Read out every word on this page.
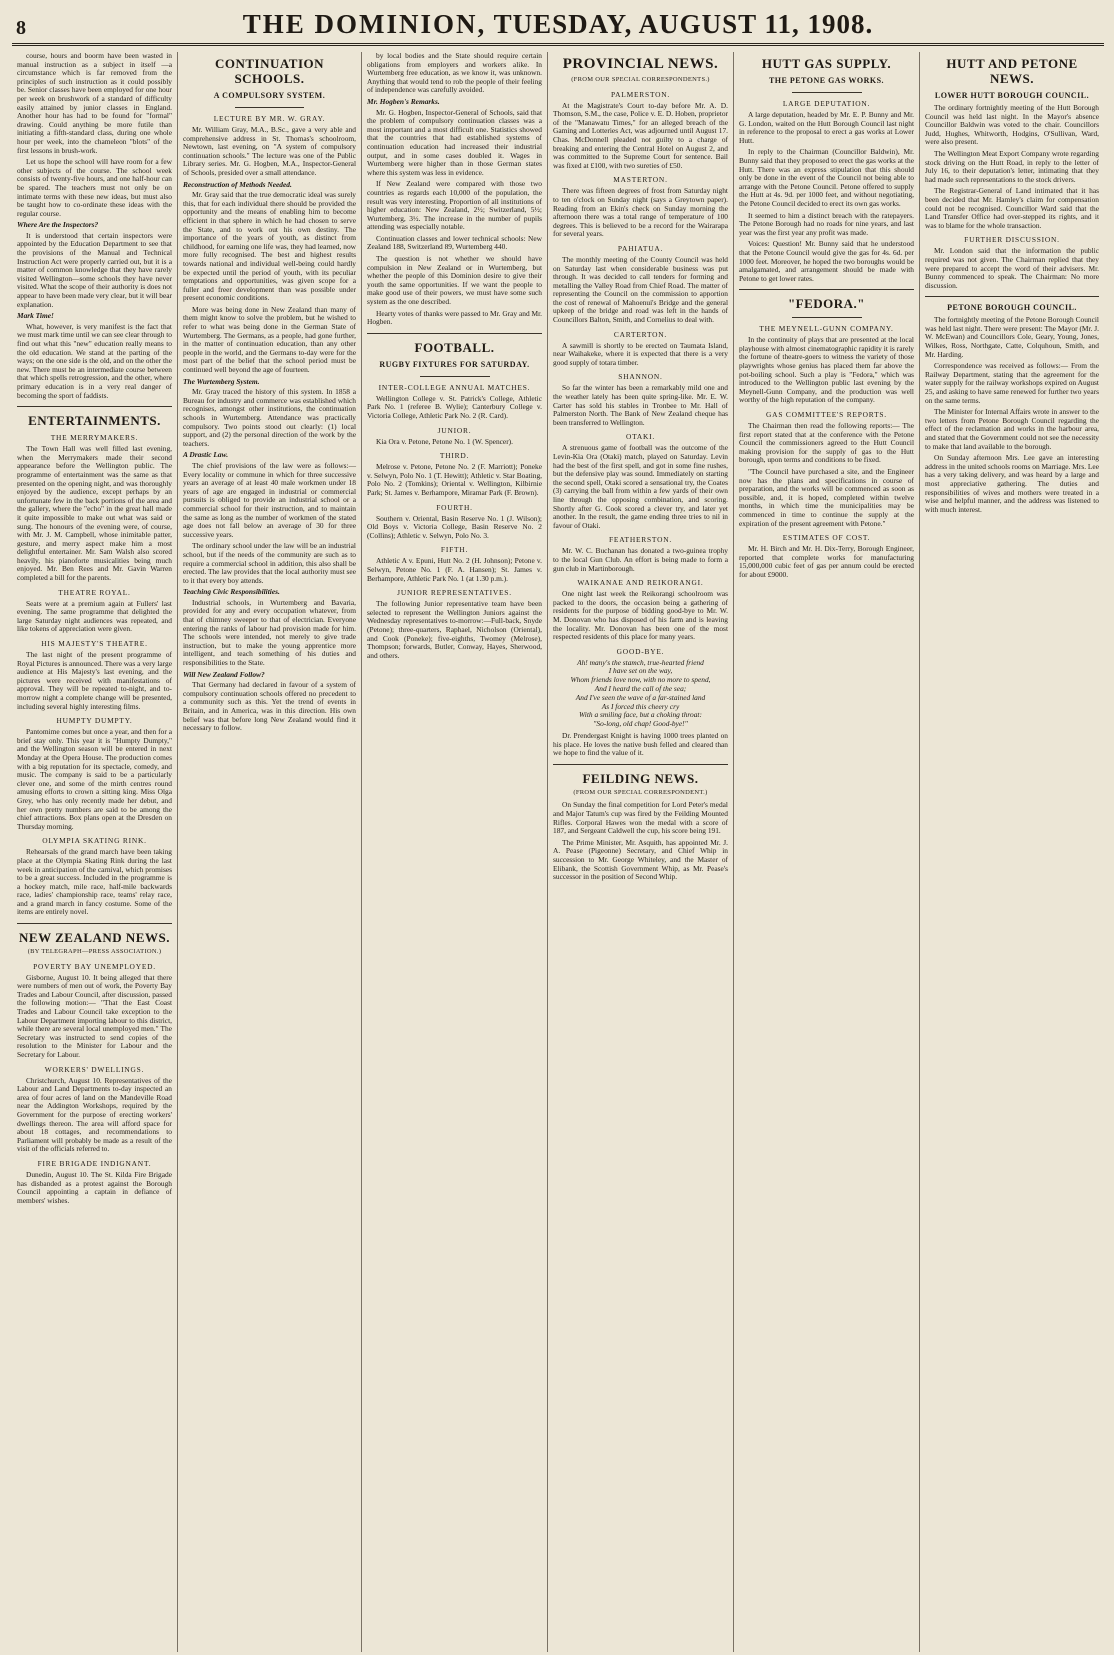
8	THE DOMINION, TUESDAY, AUGUST 11, 1908.

course, hours and boorm have been wasted in manual instruction as a subject in itself —a circumstance which is far removed from the principles of such instruction as it could possibly be. Senior classes have been employed for one hour per week on brushwork of a standard of difficulty easily attained by junior classes in England. Another hour has had to be found for "formal" drawing. Could anything be more futile than initiating a fifth-standard class, during one whole hour per week, into the chameleon "blots" of the first lessons in brush-work.

Let us hope the school will have room for a few other subjects of the course. The school week consists of twenty-five hours, and one half-hour can be spared. The teachers must not only be on intimate terms with these new ideas, but must also be taught how to co-ordinate these ideas with the regular course.

Where Are the Inspectors?

It is understood that certain inspectors were appointed by the Education Department to see that the provisions of the Manual and Technical Instruction Act were properly carried out, but it is a matter of common knowledge that they have rarely visited Wellington—some schools they have never visited. What the scope of their authority is does not appear to have been made very clear, but it will bear explanation.

Mark Time!

What, however, is very manifest is the fact that we must mark time until we can see clear through to find out what this "new" education really means to the old education. We stand at the parting of the ways; on the one side is the old, and on the other the new. There must be an intermediate course between that which spells retrogression, and the other, where primary education is in a very real danger of becoming the sport of faddists.

ENTERTAINMENTS.
THE MERRYMAKERS.

The Town Hall was well filled last evening, when the Merrymakers made their second appearance before the Wellington public. The programme of entertainment was the same as that presented on the opening night, and was thoroughly enjoyed by the audience, except perhaps by an unfortunate few in the back portions of the area and the gallery, where the "echo" in the great hall made it quite impossible to make out what was said or sung. The honours of the evening were, of course, with Mr. J. M. Campbell, whose inimitable patter, gesture, and merry aspect make him a most delightful entertainer. Mr. Sam Walsh also scored heavily, his pianoforte musicalities being much enjoyed. Mr. Ben Rees and Mr. Gavin Warren completed a bill for the parents.

THEATRE ROYAL.

Seats were at a premium again at Fullers' last evening. The same programme that delighted the large Saturday night audiences was repeated, and like tokens of appreciation were given.

HIS MAJESTY'S THEATRE.

The last night of the present programme of Royal Pictures is announced. There was a very large audience at His Majesty's last evening, and the pictures were received with manifestations of approval. They will be repeated to-night, and to-morrow night a complete change will be presented, including several highly interesting films.

HUMPTY DUMPTY.

Pantomime comes but once a year, and then for a brief stay only. This year it is "Humpty Dumpty," and the Wellington season will be entered in next Monday at the Opera House. The production comes with a big reputation for its spectacle, comedy, and music. The company is said to be a particularly clever one, and some of the mirth centres round amusing efforts to crown a sitting king. Miss Olga Grey, who has only recently made her debut, and her own pretty numbers are said to be among the chief attractions. Box plans open at the Dresden on Thursday morning.

OLYMPIA SKATING RINK.

Rehearsals of the grand march have been taking place at the Olympia Skating Rink during the last week in anticipation of the carnival, which promises to be a great success. Included in the programme is a hockey match, mile race, half-mile backwards race, ladies' championship race, teams' relay race, and a grand march in fancy costume. Some of the items are entirely novel.

NEW ZEALAND NEWS.
(BY TELEGRAPH—PRESS ASSOCIATION.)
POVERTY BAY UNEMPLOYED.

Gisborne, August 10. It being alleged that there were numbers of men out of work, the Poverty Bay Trades and Labour Council, after discussion, passed the following motion:— "That the East Coast Trades and Labour Council take exception to the Labour Department importing labour to this district, while there are several local unemployed men." The Secretary was instructed to send copies of the resolution to the Minister for Labour and the Secretary for Labour.

WORKERS' DWELLINGS.

Christchurch, August 10. Representatives of the Labour and Land Departments to-day inspected an area of four acres of land on the Mandeville Road near the Addington Workshops, required by the Government for the purpose of erecting workers' dwellings thereon. The area will afford space for about 18 cottages, and recommendations to Parliament will probably be made as a result of the visit of the officials referred to.

FIRE BRIGADE INDIGNANT.

Dunedin, August 10. The St. Kilda Fire Brigade has disbanded as a protest against the Borough Council appointing a captain in defiance of members' wishes.

CONTINUATION SCHOOLS.
A COMPULSORY SYSTEM.
LECTURE BY MR. W. GRAY.

Mr. William Gray, M.A., B.Sc., gave a very able and comprehensive address in St. Thomas's schoolroom, Newtown, last evening, on "A system of compulsory continuation schools." The lecture was one of the Public Library series. Mr. G. Hogben, M.A., Inspector-General of Schools, presided over a small attendance.

Reconstruction of Methods Needed.

Mr. Gray said that the true democratic ideal was surely this, that for each individual there should be provided the opportunity and the means of enabling him to become efficient in that sphere in which he had chosen to serve the State, and to work out his own destiny. The importance of the years of youth, as distinct from childhood, for earning one life was, they had learned, now more fully recognised. The best and highest results towards national and individual well-being could hardly be expected until the period of youth, with its peculiar temptations and opportunities, was given scope for a fuller and freer development than was possible under present economic conditions.

More was being done in New Zealand than many of them might know to solve the problem, but he wished to refer to what was being done in the German State of Wurtemberg. The Germans, as a people, had gone further, in the matter of continuation education, than any other people in the world, and the Germans to-day were for the most part of the belief that the school period must be continued well beyond the age of fourteen.

The Wurtemberg System.

Mr. Gray traced the history of this system. In 1858 a Bureau for industry and commerce was established which recognises, amongst other institutions, the continuation schools in Wurtemberg. Attendance was practically compulsory. Two points stood out clearly: (1) local support, and (2) the personal direction of the work by the teachers.

A Drastic Law.

The chief provisions of the law were as follows:—Every locality or commune in which for three successive years an average of at least 40 male workmen under 18 years of age are engaged in industrial or commercial pursuits is obliged to provide an industrial school or a commercial school for their instruction, and to maintain the same as long as the number of workmen of the stated age does not fall below an average of 30 for three successive years.

The ordinary school under the law will be an industrial school, but if the needs of the community are such as to require a commercial school in addition, this also shall be erected. The law provides that the local authority must see to it that every boy attends.

Teaching Civic Responsibilities.

Industrial schools, in Wurtemberg and Bavaria, provided for any and every occupation whatever, from that of chimney sweeper to that of electrician. Everyone entering the ranks of labour had provision made for him. The schools were intended, not merely to give trade instruction, but to make the young apprentice more intelligent, and teach something of his duties and responsibilities to the State.

Will New Zealand Follow?

That Germany had declared in favour of a system of compulsory continuation schools offered no precedent to a community such as this. Yet the trend of events in Britain, and in America, was in this direction. His own belief was that before long New Zealand would find it necessary to follow.

by local bodies and the State should require certain obligations from employers and workers alike. In Wurtemberg free education, as we know it, was unknown. Anything that would tend to rob the people of their feeling of independence was carefully avoided.

Mr. Hogben's Remarks.

Mr. G. Hogben, Inspector-General of Schools, said that the problem of compulsory continuation classes was a most important and a most difficult one. Statistics showed that the countries that had established systems of continuation education had increased their industrial output, and in some cases doubled it. Wages in Wurtemberg were higher than in those German states where this system was less in evidence.

If New Zealand were compared with those two countries as regards each 10,000 of the population, the result was very interesting. Proportion of all institutions of higher education: New Zealand, 2½; Switzerland, 5½; Wurtemberg, 3½. The increase in the number of pupils attending was especially notable.

Continuation classes and lower technical schools: New Zealand 188, Switzerland 89, Wurtemberg 440.

The question is not whether we should have compulsion in New Zealand or in Wurtemberg, but whether the people of this Dominion desire to give their youth the same opportunities. If we want the people to make good use of their powers, we must have some such system as the one described.

Hearty votes of thanks were passed to Mr. Gray and Mr. Hogben.

FOOTBALL.
RUGBY FIXTURES FOR SATURDAY.
INTER-COLLEGE ANNUAL MATCHES.

Wellington College v. St. Patrick's College, Athletic Park No. 1 (referee B. Wylie); Canterbury College v. Victoria College, Athletic Park No. 2 (R. Card).

JUNIOR.

Kia Ora v. Petone, Petone No. 1 (W. Spencer).

THIRD.

Melrose v. Petone, Petone No. 2 (F. Marriott); Poneke v. Selwyn, Polo No. 1 (T. Hewitt); Athletic v. Star Boating, Polo No. 2 (Tomkins); Oriental v. Wellington, Kilbirnie Park; St. James v. Berhampore, Miramar Park (F. Brown).

FOURTH.

Southern v. Oriental, Basin Reserve No. 1 (J. Wilson); Old Boys v. Victoria College, Basin Reserve No. 2 (Collins); Athletic v. Selwyn, Polo No. 3.

FIFTH.

Athletic A v. Epuni, Hutt No. 2 (H. Johnson); Petone v. Selwyn, Petone No. 1 (F. A. Hansen); St. James v. Berhampore, Athletic Park No. 1 (at 1.30 p.m.).

JUNIOR REPRESENTATIVES.

The following Junior representative team have been selected to represent the Wellington Juniors against the Wednesday representatives to-morrow:—Full-back, Snyde (Petone); three-quarters, Raphael, Nicholson (Oriental), and Cook (Poneke); five-eighths, Twomey (Melrose), Thompson; forwards, Butler, Conway, Hayes, Sherwood, and others.

PROVINCIAL NEWS.
(FROM OUR SPECIAL CORRESPONDENTS.)
PALMERSTON.

At the Magistrate's Court to-day before Mr. A. D. Thomson, S.M., the case, Police v. E. D. Hoben, proprietor of the "Manawatu Times," for an alleged breach of the Gaming and Lotteries Act, was adjourned until August 17. Chas. McDonnell pleaded not guilty to a charge of breaking and entering the Central Hotel on August 2, and was committed to the Supreme Court for sentence. Bail was fixed at £100, with two sureties of £50.

MASTERTON.

There was fifteen degrees of frost from Saturday night to ten o'clock on Sunday night (says a Greytown paper). Reading from an Ekin's check on Sunday morning the afternoon there was a total range of temperature of 100 degrees. This is believed to be a record for the Wairarapa for several years.

PAHIATUA.

The monthly meeting of the County Council was held on Saturday last when considerable business was put through. It was decided to call tenders for forming and metalling the Valley Road from Chief Road. The matter of representing the Council on the commission to apportion the cost of renewal of Mahoenui's Bridge and the general upkeep of the bridge and road was left in the hands of Councillors Balton, Smith, and Cornelius to deal with.

CARTERTON.

A sawmill is shortly to be erected on Taumata Island, near Waihakeke, where it is expected that there is a very good supply of totara timber.

SHANNON.

So far the winter has been a remarkably mild one and the weather lately has been quite spring-like. Mr. E. W. Carter has sold his stables in Tronbee to Mr. Hall of Palmerston North. The Bank of New Zealand cheque has been transferred to Wellington.

OTAKI.

A strenuous game of football was the outcome of the Levin-Kia Ora (Otaki) match, played on Saturday. Levin had the best of the first spell, and got in some fine rushes, but the defensive play was sound. Immediately on starting the second spell, Otaki scored a sensational try, the Coates (3) carrying the ball from within a few yards of their own line through the opposing combination, and scoring. Shortly after G. Cook scored a clever try, and later yet another. In the result, the game ending three tries to nil in favour of Otaki.

FEATHERSTON.

Mr. W. C. Buchanan has donated a two-guinea trophy to the local Gun Club. An effort is being made to form a gun club in Martinborough.

WAIKANAE AND REIKORANGI.

One night last week the Reikorangi schoolroom was packed to the doors, the occasion being a gathering of residents for the purpose of bidding good-bye to Mr. W. M. Donovan who has disposed of his farm and is leaving the locality. Mr. Donovan has been one of the most respected residents of this place for many years.

GOOD-BYE.
Ah! many's the stamch, true-hearted friend
I have set on the way,
Whom friends love now, with no more to spend,
And I heard the call of the sea;
And I've seen the wave of a far-stained land
As I forced this cheery cry
With a smiling face, but a choking throat:
"So-long, old chap! Good-bye!"

Dr. Prendergast Knight is having 1000 trees planted on his place. He loves the native bush felled and cleared than we hope to find the value of it.

FEILDING NEWS.
(FROM OUR SPECIAL CORRESPONDENT.)

On Sunday the final competition for Lord Peter's medal and Major Tatum's cup was fired by the Feilding Mounted Rifles. Corporal Hawes won the medal with a score of 187, and Sergeant Caldwell the cup, his score being 191.

The Prime Minister, Mr. Asquith, has appointed Mr. J. A. Pease (Pigeonne) Secretary, and Chief Whip in succession to Mr. George Whiteley, and the Master of Elibank, the Scottish Government Whip, as Mr. Pease's successor in the position of Second Whip.

HUTT GAS SUPPLY.
THE PETONE GAS WORKS.
LARGE DEPUTATION.

A large deputation, headed by Mr. E. P. Bunny and Mr. G. London, waited on the Hutt Borough Council last night in reference to the proposal to erect a gas works at Lower Hutt.

In reply to the Chairman (Councillor Baldwin), Mr. Bunny said that they proposed to erect the gas works at the Hutt. There was an express stipulation that this should only be done in the event of the Council not being able to arrange with the Petone Council. Petone offered to supply the Hutt at 4s. 9d. per 1000 feet, and without negotiating, the Petone Council decided to erect its own gas works.

It seemed to him a distinct breach with the ratepayers. The Petone Borough had no roads for nine years, and last year was the first year any profit was made.

Voices: Question! Mr. Bunny said that he understood that the Petone Council would give the gas for 4s. 6d. per 1000 feet. Moreover, he hoped the two boroughs would be amalgamated, and arrangement should be made with Petone to get lower rates.

"FEDORA."
THE MEYNELL-GUNN COMPANY.

In the continuity of plays that are presented at the local playhouse with almost cinematographic rapidity it is rarely the fortune of theatre-goers to witness the variety of those playwrights whose genius has placed them far above the pot-boiling school. Such a play is "Fedora," which was introduced to the Wellington public last evening by the Meynell-Gunn Company, and the production was well worthy of the high reputation of the company.

GAS COMMITTEE'S REPORTS.

The Chairman then read the following reports:— The first report stated that at the conference with the Petone Council the commissioners agreed to the Hutt Council making provision for the supply of gas to the Hutt borough, upon terms and conditions to be fixed.

"The Council have purchased a site, and the Engineer now has the plans and specifications in course of preparation, and the works will be commenced as soon as possible, and, it is hoped, completed within twelve months, in which time the municipalities may be commenced in time to continue the supply at the expiration of the present agreement with Petone."

ESTIMATES OF COST.

Mr. H. Birch and Mr. H. Dix-Terry, Borough Engineer, reported that complete works for manufacturing 15,000,000 cubic feet of gas per annum could be erected for about £9000.

HUTT AND PETONE NEWS.
LOWER HUTT BOROUGH COUNCIL.

The ordinary fortnightly meeting of the Hutt Borough Council was held last night. In the Mayor's absence Councillor Baldwin was voted to the chair. Councillors Judd, Hughes, Whitworth, Hodgins, O'Sullivan, Ward, were also present.

The Wellington Meat Export Company wrote regarding stock driving on the Hutt Road, in reply to the letter of July 16, to their deputation's letter, intimating that they had made such representations to the stock drivers.

The Registrar-General of Land intimated that it has been decided that Mr. Hamley's claim for compensation could not be recognised. Councillor Ward said that the Land Transfer Office had over-stepped its rights, and it was to blame for the whole transaction.

FURTHER DISCUSSION.

Mr. London said that the information the public required was not given. The Chairman replied that they were prepared to accept the word of their advisers. Mr. Bunny commenced to speak. The Chairman: No more discussion.

PETONE BOROUGH COUNCIL.

The fortnightly meeting of the Petone Borough Council was held last night. There were present: The Mayor (Mr. J. W. McEwan) and Councillors Cole, Geary, Young, Jones, Wilkes, Ross, Northgate, Catte, Colquhoun, Smith, and Mr. Harding.

Correspondence was received as follows:— From the Railway Department, stating that the agreement for the water supply for the railway workshops expired on August 25, and asking to have same renewed for further two years on the same terms.

The Minister for Internal Affairs wrote in answer to the two letters from Petone Borough Council regarding the effect of the reclamation and works in the harbour area, and stated that the Government could not see the necessity to make that land available to the borough.

On Sunday afternoon Mrs. Lee gave an interesting address in the united schools rooms on Marriage. Mrs. Lee has a very taking delivery, and was heard by a large and most appreciative gathering. The duties and responsibilities of wives and mothers were treated in a wise and helpful manner, and the address was listened to with much interest.
